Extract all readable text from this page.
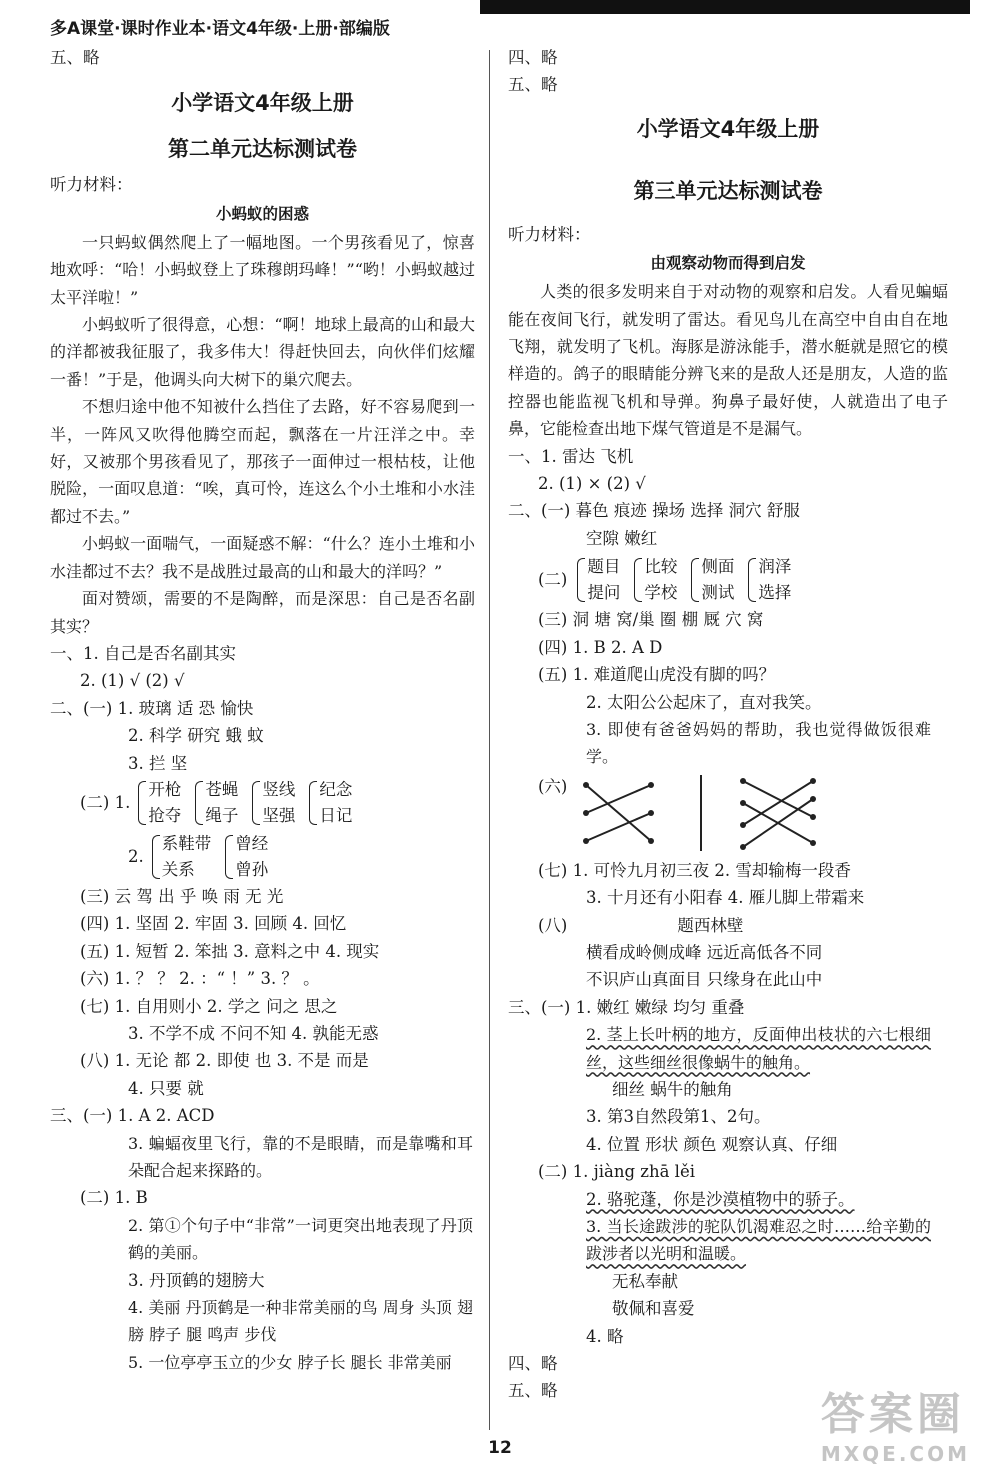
多A课堂·课时作业本·语文4年级·上册·部编版
五、略
小学语文4年级上册
第二单元达标测试卷
听力材料：
小蚂蚁的困惑
一只蚂蚁偶然爬上了一幅地图。一个男孩看见了，惊喜地欢呼：“哈！小蚂蚁登上了珠穆朗玛峰！”“哟！小蚂蚁越过太平洋啦！”
小蚂蚁听了很得意，心想：“啊！地球上最高的山和最大的洋都被我征服了，我多伟大！得赶快回去，向伙伴们炫耀一番！”于是，他调头向大树下的巢穴爬去。
不想归途中他不知被什么挡住了去路，好不容易爬到一半，一阵风又吹得他腾空而起，飘落在一片汪洋之中。幸好，又被那个男孩看见了，那孩子一面伸过一根枯枝，让他脱险，一面叹息道：“唉，真可怜，连这么个小土堆和小水洼都过不去。”
小蚂蚁一面喘气，一面疑惑不解：“什么？连小土堆和小水洼都过不去？我不是战胜过最高的山和最大的洋吗？”
面对赞颂，需要的不是陶醉，而是深思：自己是否名副其实？
一、1. 自己是否名副其实
2. (1) √ (2) √
二、(一) 1. 玻璃 适 恐 愉快
2. 科学 研究 蛾 蚊
3. 拦 坚
(二) 1.
开枪
抢夺
苍蝇
绳子
竖线
坚强
纪念
日记
2.
系鞋带
关系
曾经
曾孙
(三) 云 驾 出 乎 唤 雨 无 光
(四) 1. 坚固 2. 牢固 3. 回顾 4. 回忆
(五) 1. 短暂 2. 笨拙 3. 意料之中 4. 现实
(六) 1. ？ ？ 2. ：“ ！” 3. ？ 。
(七) 1. 自用则小 2. 学之 问之 思之
3. 不学不成 不问不知 4. 孰能无惑
(八) 1. 无论 都 2. 即使 也 3. 不是 而是
4. 只要 就
三、(一) 1. A 2. ACD
3. 蝙蝠夜里飞行，靠的不是眼睛，而是靠嘴和耳朵配合起来探路的。
(二) 1. B
2. 第①个句子中“非常”一词更突出地表现了丹顶鹤的美丽。
3. 丹顶鹤的翅膀大
4. 美丽 丹顶鹤是一种非常美丽的鸟 周身 头顶 翅膀 脖子 腿 鸣声 步伐
5. 一位亭亭玉立的少女 脖子长 腿长 非常美丽
四、略
五、略
小学语文4年级上册
第三单元达标测试卷
听力材料：
由观察动物而得到启发
人类的很多发明来自于对动物的观察和启发。人看见蝙蝠能在夜间飞行，就发明了雷达。看见鸟儿在高空中自由自在地飞翔，就发明了飞机。海豚是游泳能手，潜水艇就是照它的模样造的。鸽子的眼睛能分辨飞来的是敌人还是朋友，人造的监控器也能监视飞机和导弹。狗鼻子最好使，人就造出了电子鼻，它能检查出地下煤气管道是不是漏气。
一、1. 雷达 飞机
2. (1) × (2) √
二、(一) 暮色 痕迹 操场 选择 洞穴 舒服
空隙 嫩红
(二)
题目
提问
比较
学校
侧面
测试
润泽
选择
(三) 洞 塘 窝/巢 圈 棚 厩 穴 窝
(四) 1. B 2. A D
(五) 1. 难道爬山虎没有脚的吗？
2. 太阳公公起床了，直对我笑。
3. 即使有爸爸妈妈的帮助，我也觉得做饭很难学。
(六)
(七) 1. 可怜九月初三夜 2. 雪却输梅一段香
3. 十月还有小阳春 4. 雁儿脚上带霜来
(八)	题西林壁
横看成岭侧成峰 远近高低各不同
不识庐山真面目 只缘身在此山中
三、(一) 1. 嫩红 嫩绿 均匀 重叠
2. 茎上长叶柄的地方，反面伸出枝状的六七根细丝，这些细丝很像蜗牛的触角。
细丝 蜗牛的触角
3. 第3自然段第1、2句。
4. 位置 形状 颜色 观察认真、仔细
(二) 1. jiàng zhā lěi
2. 骆驼蓬，你是沙漠植物中的骄子。
3. 当长途跋涉的驼队饥渴难忍之时……给辛勤的跋涉者以光明和温暖。
无私奉献
敬佩和喜爱
4. 略
四、略
五、略
12
答案圈
MXQE.COM
